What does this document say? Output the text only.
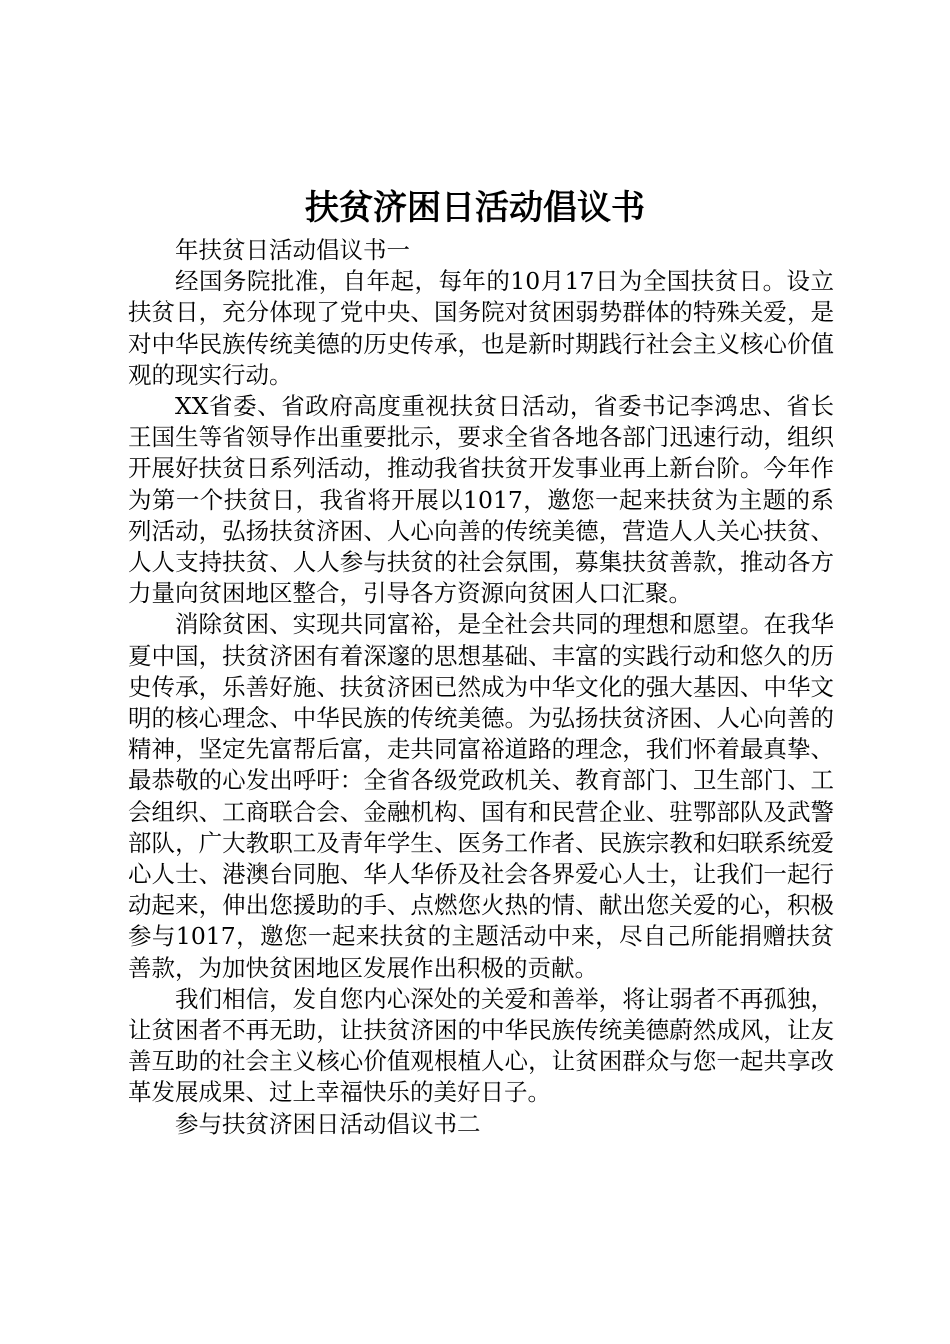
扶贫济困日活动倡议书

年扶贫日活动倡议书一

经国务院批准，自年起，每年的10月17日为全国扶贫日。设立扶贫日，充分体现了党中央、国务院对贫困弱势群体的特殊关爱，是对中华民族传统美德的历史传承，也是新时期践行社会主义核心价值观的现实行动。

XX省委、省政府高度重视扶贫日活动，省委书记李鸿忠、省长王国生等省领导作出重要批示，要求全省各地各部门迅速行动，组织开展好扶贫日系列活动，推动我省扶贫开发事业再上新台阶。今年作为第一个扶贫日，我省将开展以1017，邀您一起来扶贫为主题的系列活动，弘扬扶贫济困、人心向善的传统美德，营造人人关心扶贫、人人支持扶贫、人人参与扶贫的社会氛围，募集扶贫善款，推动各方力量向贫困地区整合，引导各方资源向贫困人口汇聚。

消除贫困、实现共同富裕，是全社会共同的理想和愿望。在我华夏中国，扶贫济困有着深邃的思想基础、丰富的实践行动和悠久的历史传承，乐善好施、扶贫济困已然成为中华文化的强大基因、中华文明的核心理念、中华民族的传统美德。为弘扬扶贫济困、人心向善的精神，坚定先富帮后富，走共同富裕道路的理念，我们怀着最真挚、最恭敬的心发出呼吁：全省各级党政机关、教育部门、卫生部门、工会组织、工商联合会、金融机构、国有和民营企业、驻鄂部队及武警部队，广大教职工及青年学生、医务工作者、民族宗教和妇联系统爱心人士、港澳台同胞、华人华侨及社会各界爱心人士，让我们一起行动起来，伸出您援助的手、点燃您火热的情、献出您关爱的心，积极参与1017，邀您一起来扶贫的主题活动中来，尽自己所能捐赠扶贫善款，为加快贫困地区发展作出积极的贡献。

我们相信，发自您内心深处的关爱和善举，将让弱者不再孤独，让贫困者不再无助，让扶贫济困的中华民族传统美德蔚然成风，让友善互助的社会主义核心价值观根植人心，让贫困群众与您一起共享改革发展成果、过上幸福快乐的美好日子。

参与扶贫济困日活动倡议书二
